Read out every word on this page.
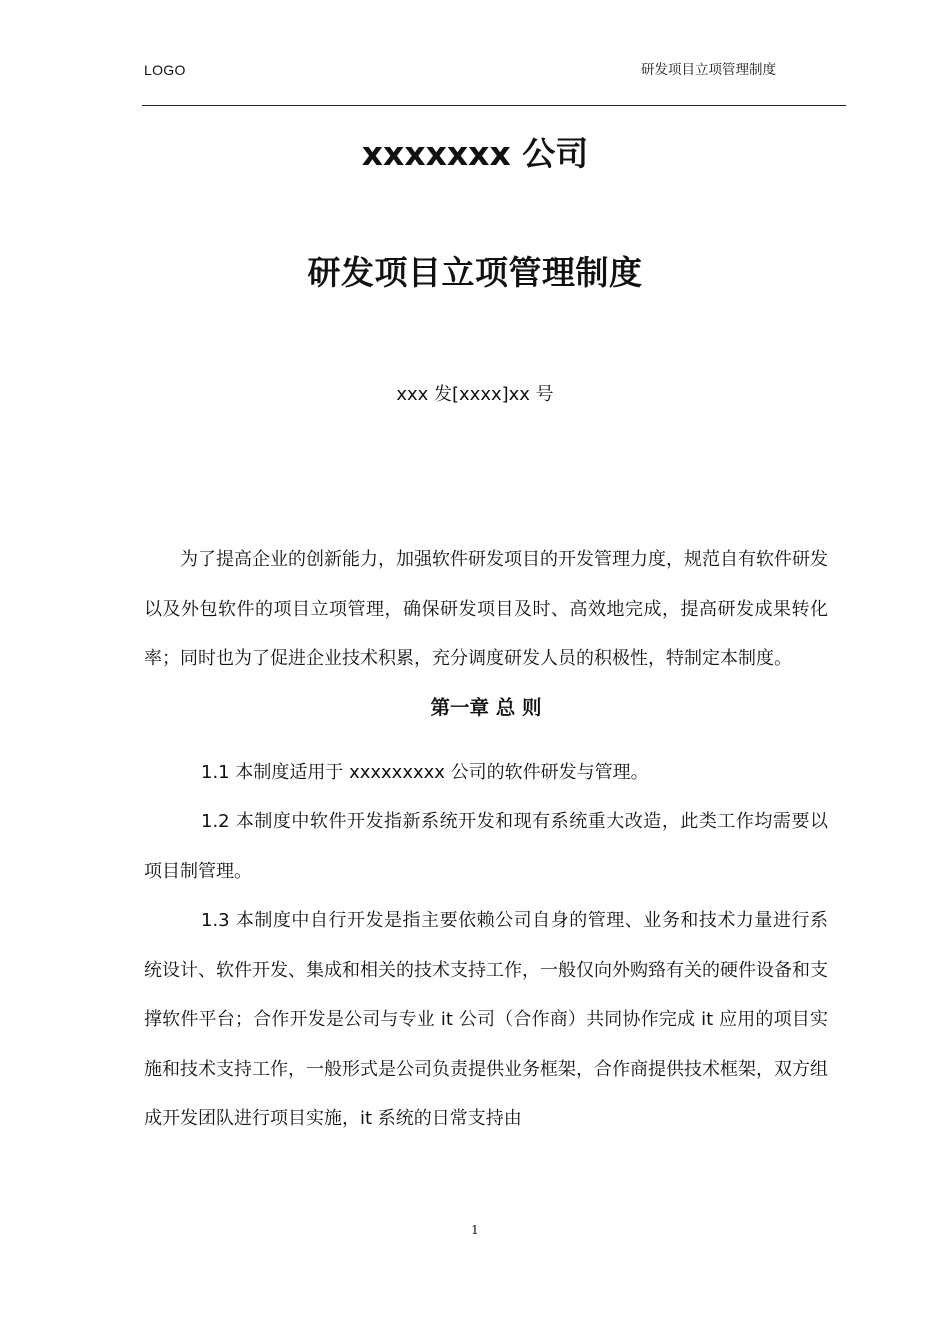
LOGO	研发项目立项管理制度
xxxxxxx 公司
研发项目立项管理制度
xxx 发[xxxx]xx 号

为了提高企业的创新能力，加强软件研发项目的开发管理力度，规范自有软件研发以及外包软件的项目立项管理，确保研发项目及时、高效地完成，提高研发成果转化率；同时也为了促进企业技术积累，充分调度研发人员的积极性，特制定本制度。

第一章 总 则

1.1 本制度适用于 xxxxxxxxx 公司的软件研发与管理。

1.2 本制度中软件开发指新系统开发和现有系统重大改造，此类工作均需要以项目制管理。

1.3 本制度中自行开发是指主要依赖公司自身的管理、业务和技术力量进行系统设计、软件开发、集成和相关的技术支持工作，一般仅向外购臵有关的硬件设备和支撑软件平台；合作开发是公司与专业 it 公司（合作商）共同协作完成 it 应用的项目实施和技术支持工作，一般形式是公司负责提供业务框架，合作商提供技术框架，双方组成开发团队进行项目实施，it 系统的日常支持由

1
